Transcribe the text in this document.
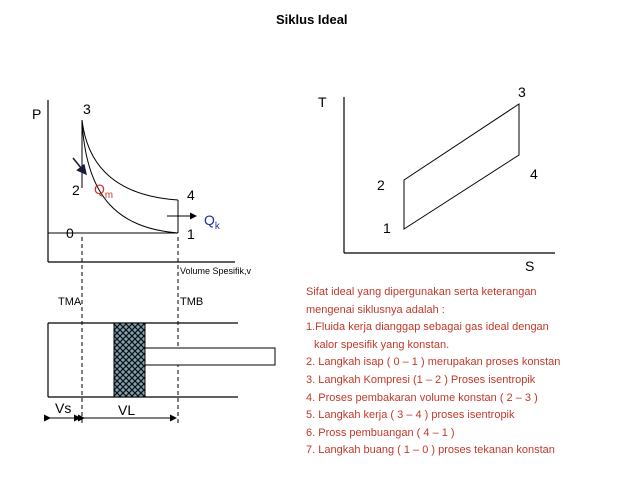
Siklus Ideal
P	3
2 $Q_m$	4
$Q_k$
0	1
Volume Spesifik,v
TMA	TMB
Vs	VL
T
3
4
2
1
S
Sifat ideal yang dipergunakan serta keterangan
mengenai siklusnya adalah :
1.Fluida kerja dianggap sebagai gas ideal dengan
kalor spesifik yang konstan.
2. Langkah isap ( 0 – 1 ) merupakan proses konstan
3. Langkah Kompresi (1 – 2 ) Proses isentropik
4. Proses pembakaran volume konstan ( 2 – 3 )
5. Langkah kerja ( 3 – 4 ) proses isentropik
6. Pross pembuangan ( 4 – 1 )
7. Langkah buang ( 1 – 0 ) proses tekanan konstan
